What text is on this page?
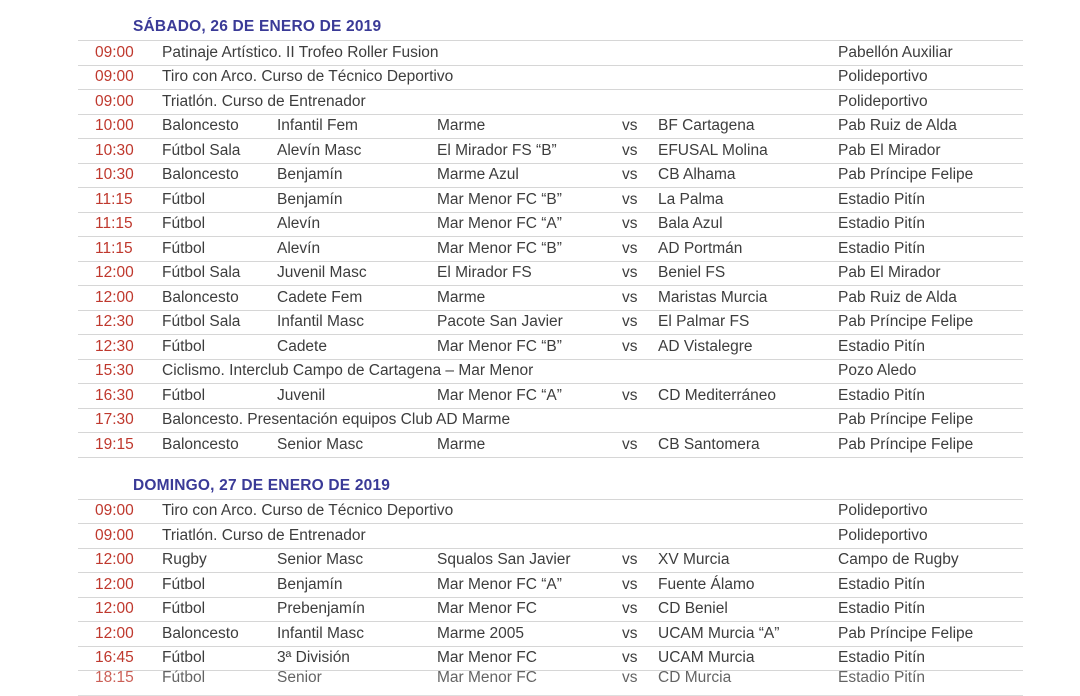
SÁBADO, 26 DE ENERO DE 2019
09:00	Patinaje Artístico. II Trofeo Roller Fusion	Pabellón Auxiliar
09:00	Tiro con Arco. Curso de Técnico Deportivo	Polideportivo
09:00	Triatlón. Curso de Entrenador	Polideportivo
10:00	Baloncesto	Infantil Fem	Marme	vs	BF Cartagena	Pab Ruiz de Alda
10:30	Fútbol Sala	Alevín Masc	El Mirador FS “B”	vs	EFUSAL Molina	Pab El Mirador
10:30	Baloncesto	Benjamín	Marme Azul	vs	CB Alhama	Pab Príncipe Felipe
11:15	Fútbol	Benjamín	Mar Menor FC “B”	vs	La Palma	Estadio Pitín
11:15	Fútbol	Alevín	Mar Menor FC “A”	vs	Bala Azul	Estadio Pitín
11:15	Fútbol	Alevín	Mar Menor FC “B”	vs	AD Portmán	Estadio Pitín
12:00	Fútbol Sala	Juvenil Masc	El Mirador FS	vs	Beniel FS	Pab El Mirador
12:00	Baloncesto	Cadete Fem	Marme	vs	Maristas Murcia	Pab Ruiz de Alda
12:30	Fútbol Sala	Infantil Masc	Pacote San Javier	vs	El Palmar FS	Pab Príncipe Felipe
12:30	Fútbol	Cadete	Mar Menor FC “B”	vs	AD Vistalegre	Estadio Pitín
15:30	Ciclismo. Interclub Campo de Cartagena – Mar Menor	Pozo Aledo
16:30	Fútbol	Juvenil	Mar Menor FC “A”	vs	CD Mediterráneo	Estadio Pitín
17:30	Baloncesto. Presentación equipos Club AD Marme	Pab Príncipe Felipe
19:15	Baloncesto	Senior Masc	Marme	vs	CB Santomera	Pab Príncipe Felipe
DOMINGO, 27 DE ENERO DE 2019
09:00	Tiro con Arco. Curso de Técnico Deportivo	Polideportivo
09:00	Triatlón. Curso de Entrenador	Polideportivo
12:00	Rugby	Senior Masc	Squalos San Javier	vs	XV Murcia	Campo de Rugby
12:00	Fútbol	Benjamín	Mar Menor FC “A”	vs	Fuente Álamo	Estadio Pitín
12:00	Fútbol	Prebenjamín	Mar Menor FC	vs	CD Beniel	Estadio Pitín
12:00	Baloncesto	Infantil Masc	Marme 2005	vs	UCAM Murcia “A”	Pab Príncipe Felipe
16:45	Fútbol	3ª División	Mar Menor FC	vs	UCAM Murcia	Estadio Pitín
18:15	Fútbol	Senior	Mar Menor FC	vs	CD Murcia	Estadio Pitín
